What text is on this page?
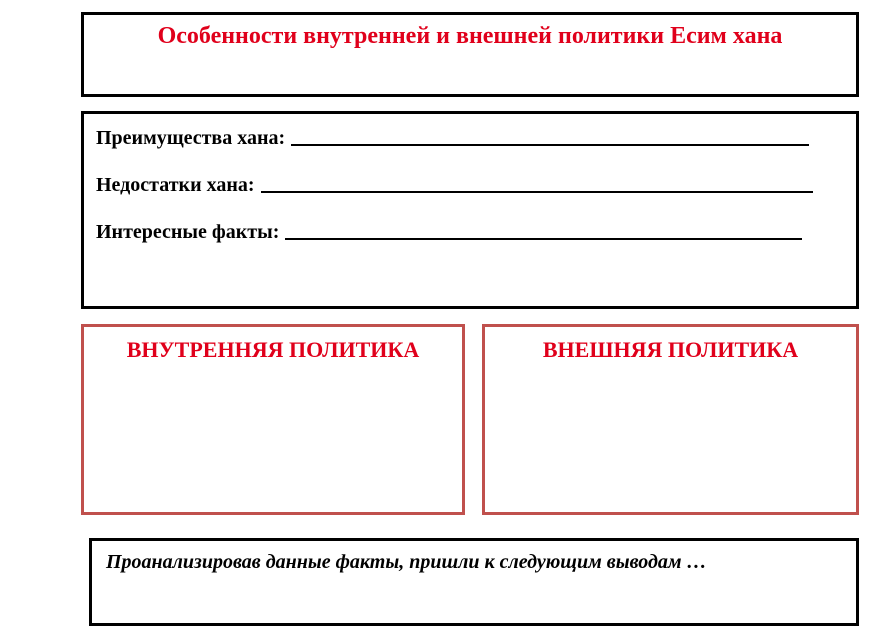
Особенности внутренней и внешней политики Есим хана
Преимущества хана:
Недостатки хана:
Интересные факты:
ВНУТРЕННЯЯ ПОЛИТИКА	ВНЕШНЯЯ ПОЛИТИКА
Проанализировав данные факты, пришли к следующим выводам …
